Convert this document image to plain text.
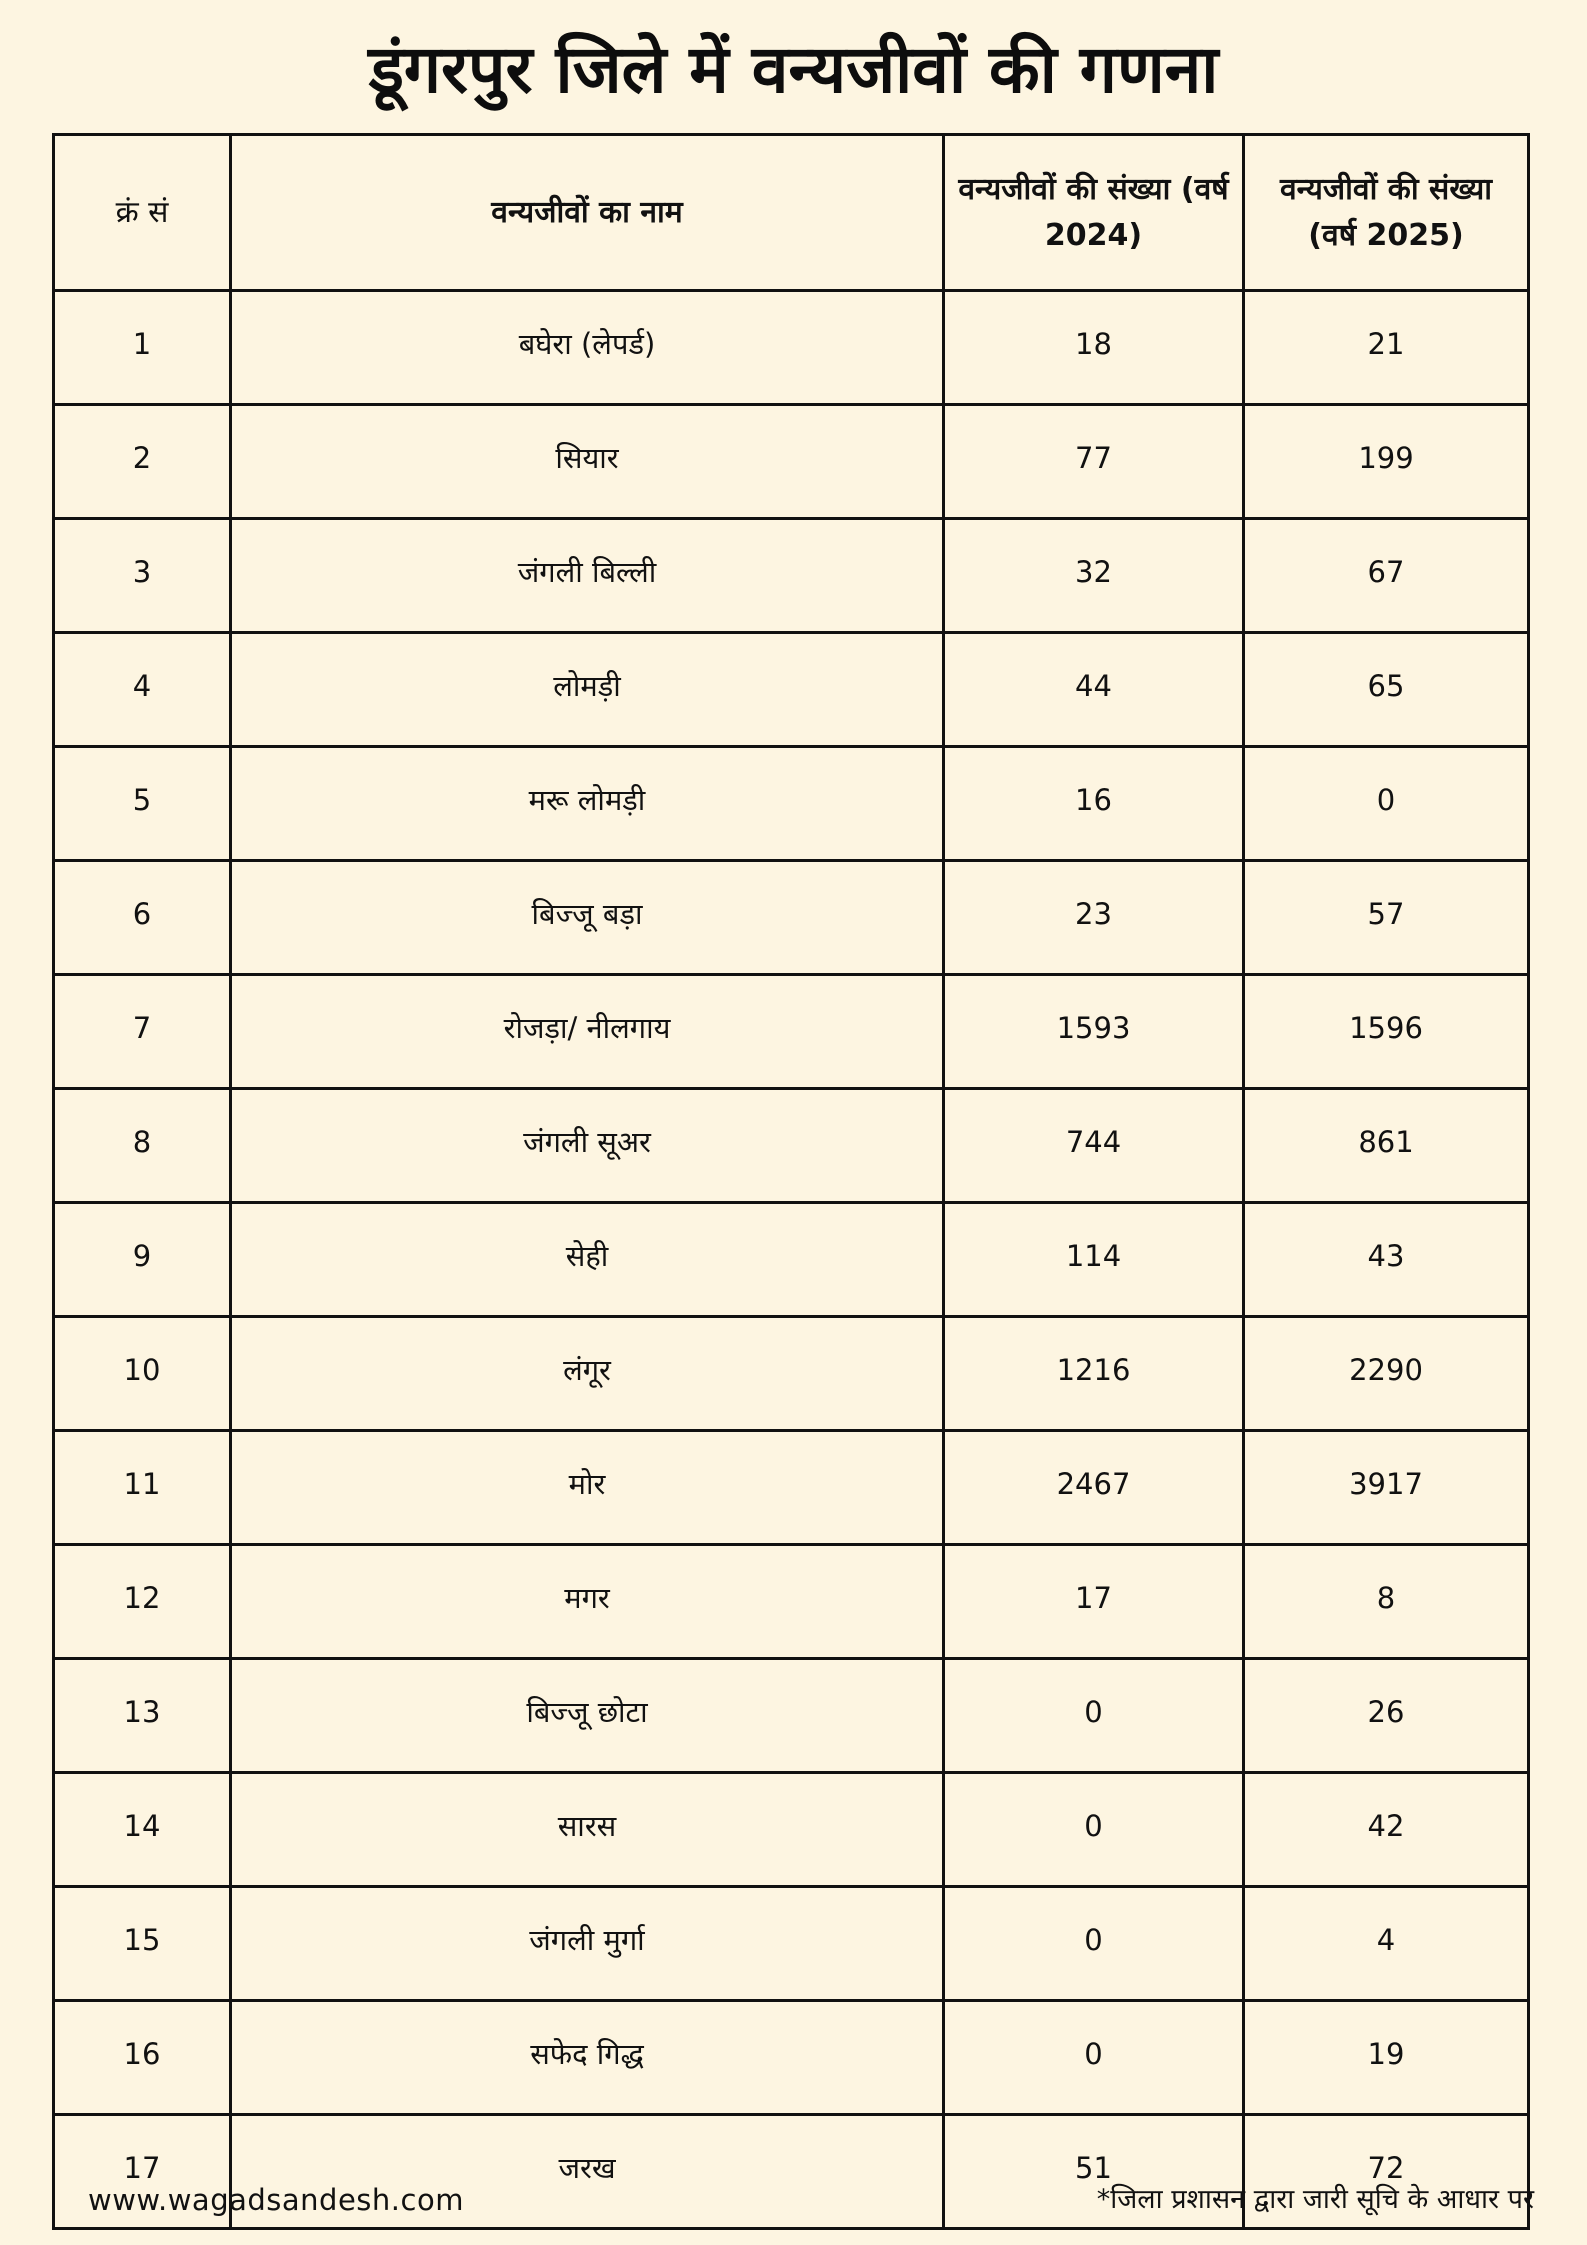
डूंगरपुर जिले में वन्यजीवों की गणना
क्रं सं	वन्यजीवों का नाम	वन्यजीवों की संख्या (वर्ष 2024)	वन्यजीवों की संख्या (वर्ष 2025)
1	बघेरा (लेपर्ड)	18	21
2	सियार	77	199
3	जंगली बिल्ली	32	67
4	लोमड़ी	44	65
5	मरू लोमड़ी	16	0
6	बिज्जू बड़ा	23	57
7	रोजड़ा/ नीलगाय	1593	1596
8	जंगली सूअर	744	861
9	सेही	114	43
10	लंगूर	1216	2290
11	मोर	2467	3917
12	मगर	17	8
13	बिज्जू छोटा	0	26
14	सारस	0	42
15	जंगली मुर्गा	0	4
16	सफेद गिद्ध	0	19
17	जरख	51	72
www.wagadsandesh.com	*जिला प्रशासन द्वारा जारी सूचि के आधार पर
